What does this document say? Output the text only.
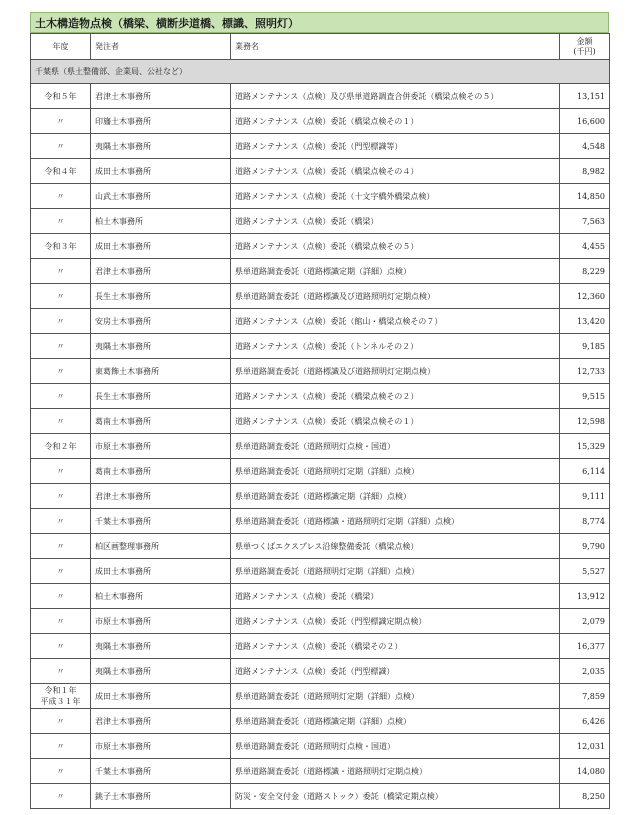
土木構造物点検（橋梁、横断歩道橋、標識、照明灯）
年度	発注者	業務名	金額
(千円)
千葉県（県土整備部、企業局、公社など）			
令和５年	君津土木事務所	道路メンテナンス（点検）及び県単道路調査合併委託（橋梁点検その５）	13,151
〃	印旛土木事務所	道路メンテナンス（点検）委託（橋梁点検その１）	16,600
〃	夷隅土木事務所	道路メンテナンス（点検）委託（門型標識等）	4,548
令和４年	成田土木事務所	道路メンテナンス（点検）委託（橋梁点検その４）	8,982
〃	山武土木事務所	道路メンテナンス（点検）委託（十文字橋外橋梁点検）	14,850
〃	柏土木事務所	道路メンテナンス（点検）委託（橋梁）	7,563
令和３年	成田土木事務所	道路メンテナンス（点検）委託（橋梁点検その５）	4,455
〃	君津土木事務所	県単道路調査委託（道路標識定期（詳細）点検）	8,229
〃	長生土木事務所	県単道路調査委託（道路標識及び道路照明灯定期点検）	12,360
〃	安房土木事務所	道路メンテナンス（点検）委託（館山・橋梁点検その７）	13,420
〃	夷隅土木事務所	道路メンテナンス（点検）委託（トンネルその２）	9,185
〃	東葛飾土木事務所	県単道路調査委託（道路標識及び道路照明灯定期点検）	12,733
〃	長生土木事務所	道路メンテナンス（点検）委託（橋梁点検その２）	9,515
〃	葛南土木事務所	道路メンテナンス（点検）委託（橋梁点検その１）	12,598
令和２年	市原土木事務所	県単道路調査委託（道路照明灯点検・国道）	15,329
〃	葛南土木事務所	県単道路調査委託（道路照明灯定期（詳細）点検）	6,114
〃	君津土木事務所	県単道路調査委託（道路標識定期（詳細）点検）	9,111
〃	千葉土木事務所	県単道路調査委託（道路標識・道路照明灯定期（詳細）点検）	8,774
〃	柏区画整理事務所	県単つくばエクスプレス沿線整備委託（橋梁点検）	9,790
〃	成田土木事務所	県単道路調査委託（道路照明灯定期（詳細）点検）	5,527
〃	柏土木事務所	道路メンテナンス（点検）委託（橋梁）	13,912
〃	市原土木事務所	道路メンテナンス（点検）委託（門型標識定期点検）	2,079
〃	夷隅土木事務所	道路メンテナンス（点検）委託（橋梁その２）	16,377
〃	夷隅土木事務所	道路メンテナンス（点検）委託（門型標識）	2,035
令和１年
平成３１年	成田土木事務所	県単道路調査委託（道路照明灯定期（詳細）点検）	7,859
〃	君津土木事務所	県単道路調査委託（道路標識定期（詳細）点検）	6,426
〃	市原土木事務所	県単道路調査委託（道路照明灯点検・国道）	12,031
〃	千葉土木事務所	県単道路調査委託（道路標識・道路照明灯定期点検）	14,080
〃	銚子土木事務所	防災・安全交付金（道路ストック）委託（橋梁定期点検）	8,250
